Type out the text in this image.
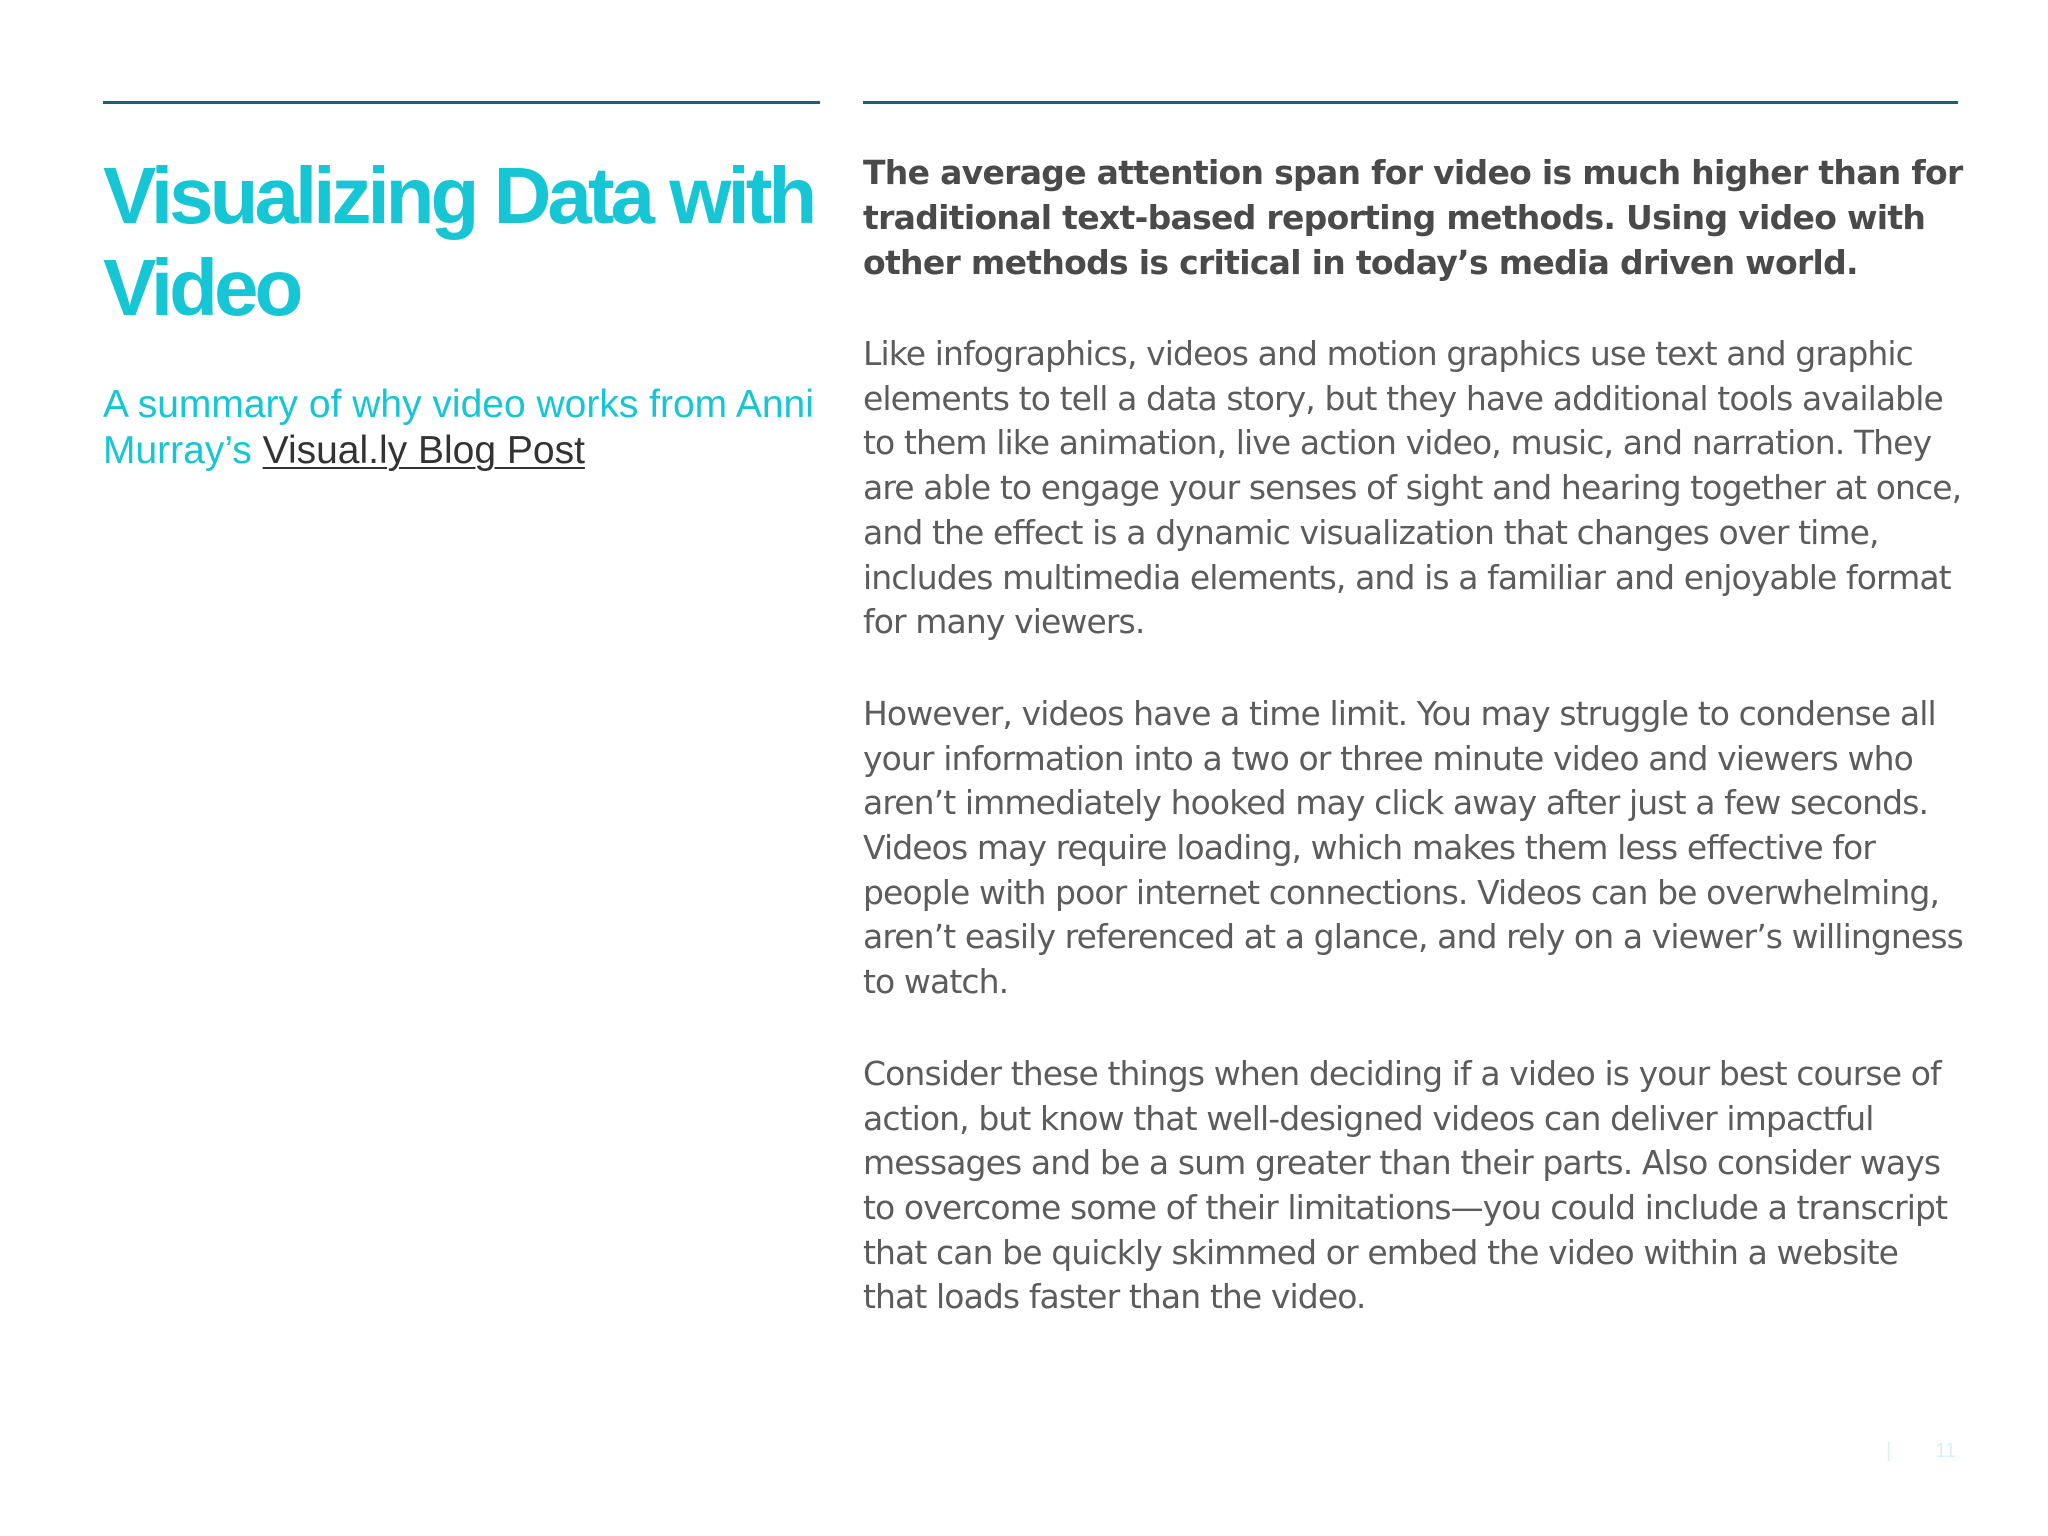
Visualizing Data with Video

A summary of why video works from Anni Murray’s Visual.ly Blog Post

The average attention span for video is much higher than for traditional text-based reporting methods. Using video with other methods is critical in today’s media driven world.

Like infographics, videos and motion graphics use text and graphic elements to tell a data story, but they have additional tools available to them like animation, live action video, music, and narration. They are able to engage your senses of sight and hearing together at once, and the effect is a dynamic visualization that changes over time, includes multimedia elements, and is a familiar and enjoyable format for many viewers.

However, videos have a time limit. You may struggle to condense all your information into a two or three minute video and viewers who aren’t immediately hooked may click away after just a few seconds. Videos may require loading, which makes them less effective for people with poor internet connections. Videos can be overwhelming, aren’t easily referenced at a glance, and rely on a viewer’s willingness to watch.

Consider these things when deciding if a video is your best course of action, but know that well-designed videos can deliver impactful messages and be a sum greater than their parts. Also consider ways to overcome some of their limitations—you could include a transcript that can be quickly skimmed or embed the video within a website that loads faster than the video.

| 11
